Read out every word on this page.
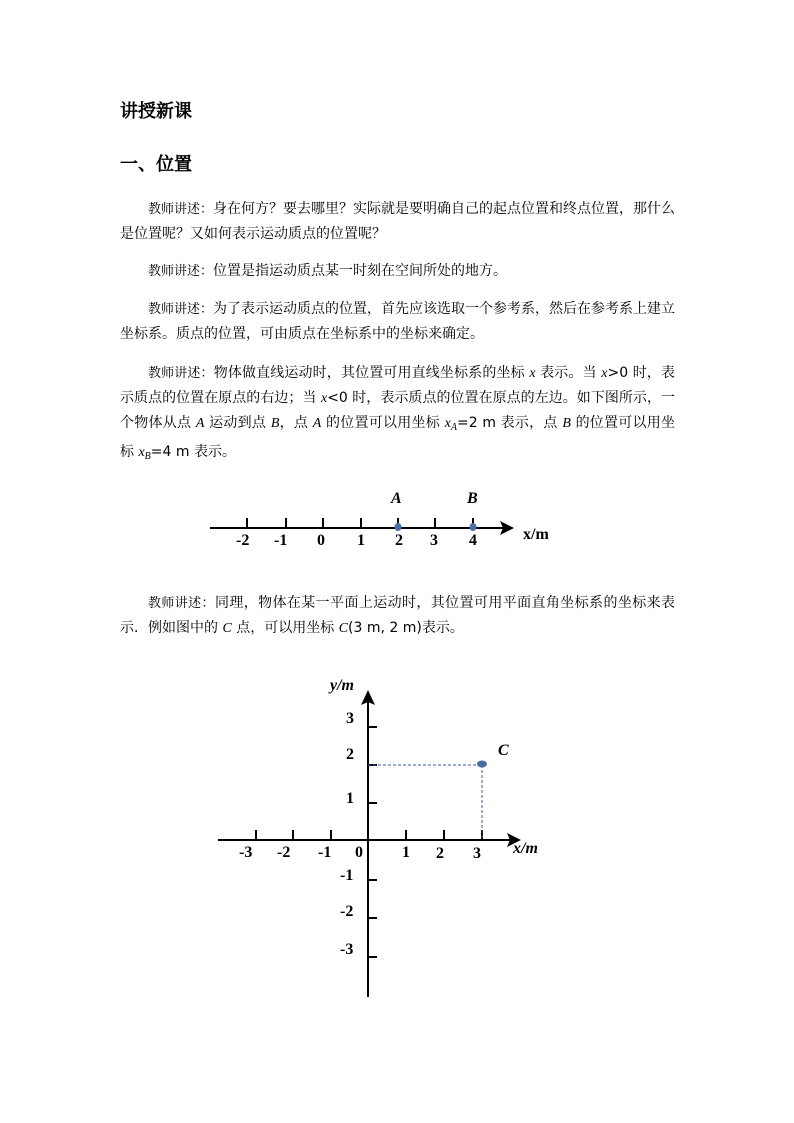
讲授新课
一、位置

教师讲述：身在何方？要去哪里？实际就是要明确自己的起点位置和终点位置，那什么是位置呢？又如何表示运动质点的位置呢？

教师讲述：位置是指运动质点某一时刻在空间所处的地方。

教师讲述：为了表示运动质点的位置，首先应该选取一个参考系，然后在参考系上建立坐标系。质点的位置，可由质点在坐标系中的坐标来确定。

教师讲述：物体做直线运动时，其位置可用直线坐标系的坐标 x 表示。当 x>0 时，表示质点的位置在原点的右边；当 x<0 时，表示质点的位置在原点的左边。如下图所示，一个物体从点 A 运动到点 B，点 A 的位置可以用坐标 $x_A=2$ m 表示，点 B 的位置可以用坐标 $x_B=4$ m 表示。

教师讲述：同理，物体在某一平面上运动时，其位置可用平面直角坐标系的坐标来表示．例如图中的 C 点，可以用坐标 C(3 m, 2 m)表示。

-2 -1 0 1 2 3 4	x/m
A	B
C
-3 -2 -1 0 1 2 3 x/m
3
2
1
-1
-2
-3
y/m
